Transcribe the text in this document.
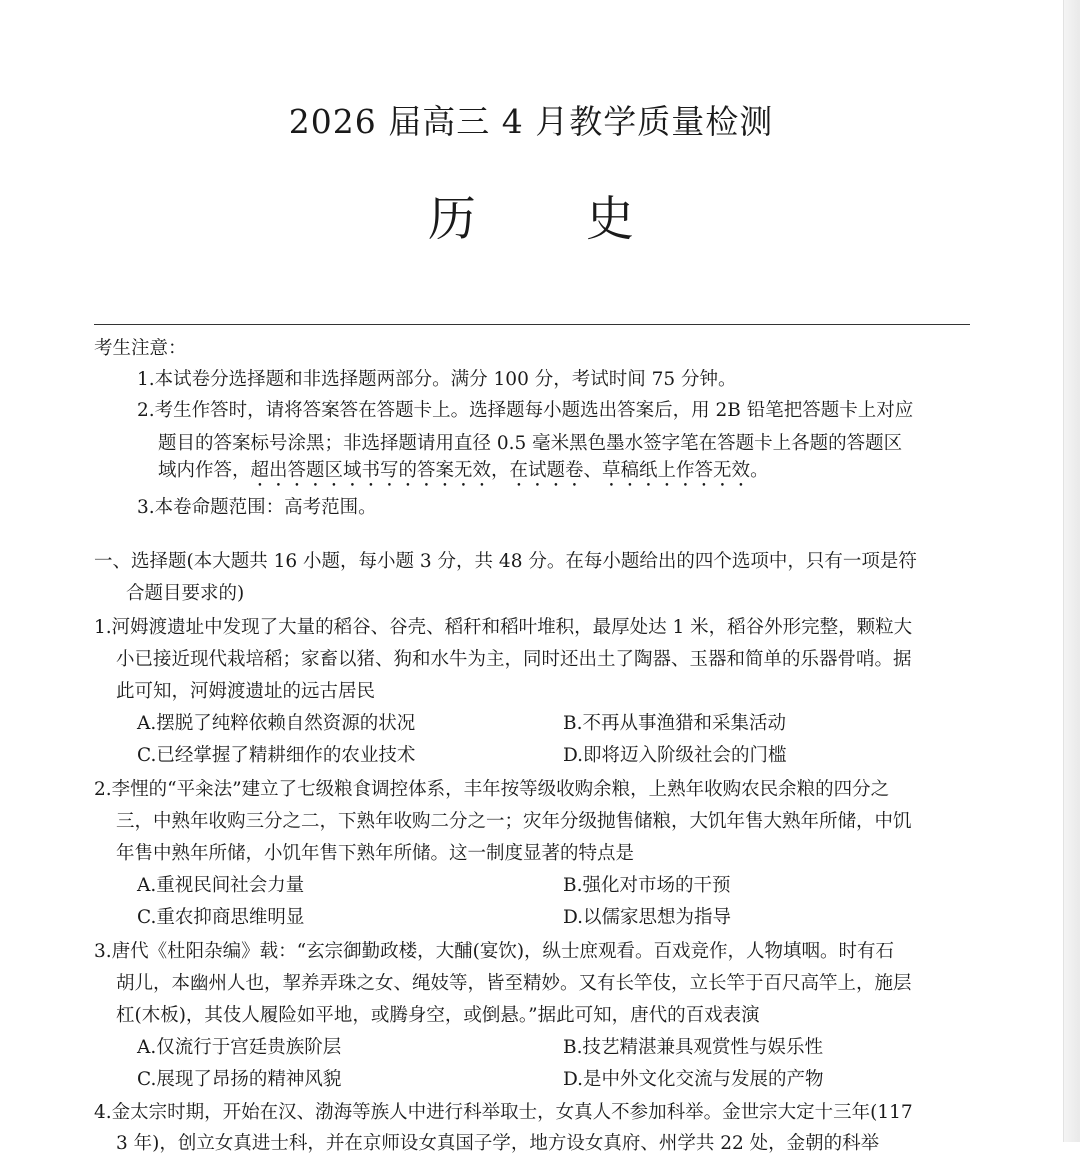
2026 届高三 4 月教学质量检测
历 史
考生注意：
1.本试卷分选择题和非选择题两部分。满分 100 分，考试时间 75 分钟。
2.考生作答时，请将答案答在答题卡上。选择题每小题选出答案后，用 2B 铅笔把答题卡上对应
题目的答案标号涂黑；非选择题请用直径 0.5 毫米黑色墨水签字笔在答题卡上各题的答题区
域内作答，超出答题区域书写的答案无效，在试题卷、草稿纸上作答无效。
3.本卷命题范围：高考范围。
一、选择题(本大题共 16 小题，每小题 3 分，共 48 分。在每小题给出的四个选项中，只有一项是符
合题目要求的)
1.河姆渡遗址中发现了大量的稻谷、谷壳、稻秆和稻叶堆积，最厚处达 1 米，稻谷外形完整，颗粒大
小已接近现代栽培稻；家畜以猪、狗和水牛为主，同时还出土了陶器、玉器和简单的乐器骨哨。据
此可知，河姆渡遗址的远古居民
A.摆脱了纯粹依赖自然资源的状况	B.不再从事渔猎和采集活动
C.已经掌握了精耕细作的农业技术	D.即将迈入阶级社会的门槛
2.李悝的“平籴法”建立了七级粮食调控体系，丰年按等级收购余粮，上熟年收购农民余粮的四分之
三，中熟年收购三分之二，下熟年收购二分之一；灾年分级抛售储粮，大饥年售大熟年所储，中饥
年售中熟年所储，小饥年售下熟年所储。这一制度显著的特点是
A.重视民间社会力量	B.强化对市场的干预
C.重农抑商思维明显	D.以儒家思想为指导
3.唐代《杜阳杂编》载：“玄宗御勤政楼，大酺(宴饮)，纵士庶观看。百戏竞作，人物填咽。时有石
胡儿，本幽州人也，挈养弄珠之女、绳妓等，皆至精妙。又有长竿伎，立长竿于百尺高竿上，施层
杠(木板)，其伎人履险如平地，或腾身空，或倒悬。”据此可知，唐代的百戏表演
A.仅流行于宫廷贵族阶层	B.技艺精湛兼具观赏性与娱乐性
C.展现了昂扬的精神风貌	D.是中外文化交流与发展的产物
4.金太宗时期，开始在汉、渤海等族人中进行科举取士，女真人不参加科举。金世宗大定十三年(117
3 年)，创立女真进士科，并在京师设女真国子学，地方设女真府、州学共 22 处，金朝的科举
